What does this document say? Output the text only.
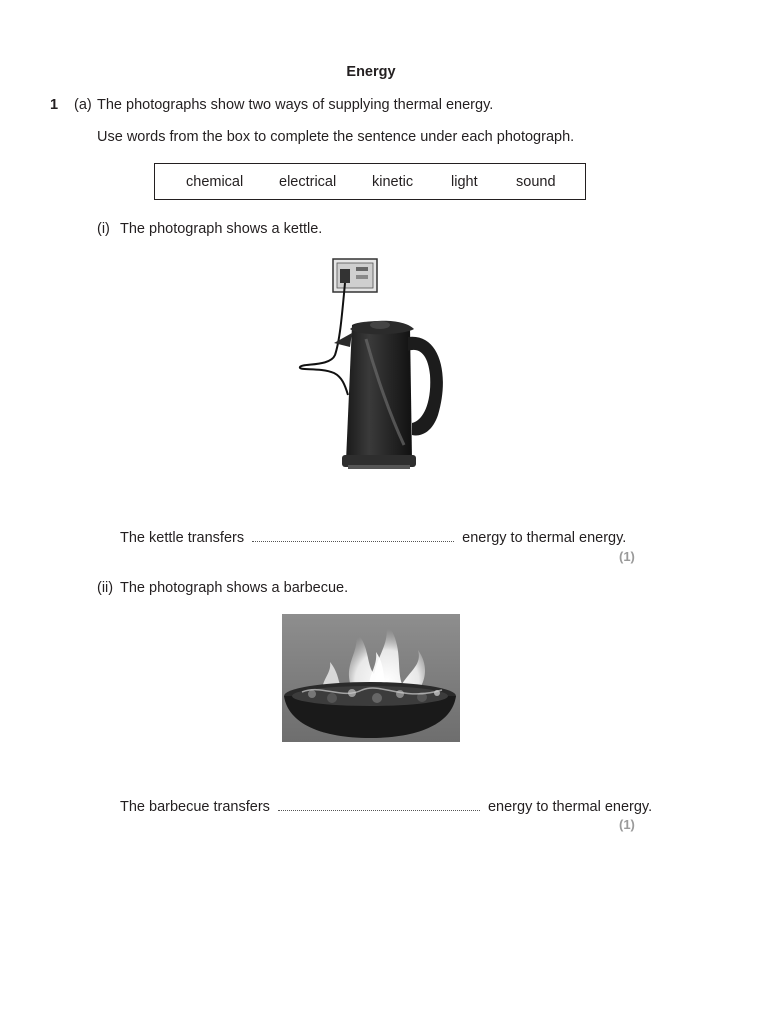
Energy
1 (a) The photographs show two ways of supplying thermal energy.
Use words from the box to complete the sentence under each photograph.
chemical electrical kinetic	light	sound
(i) The photograph shows a kettle.
The kettle transfers	energy to thermal energy.
(1)
(ii) The photograph shows a barbecue.
The barbecue transfers	energy to thermal energy.
(1)
